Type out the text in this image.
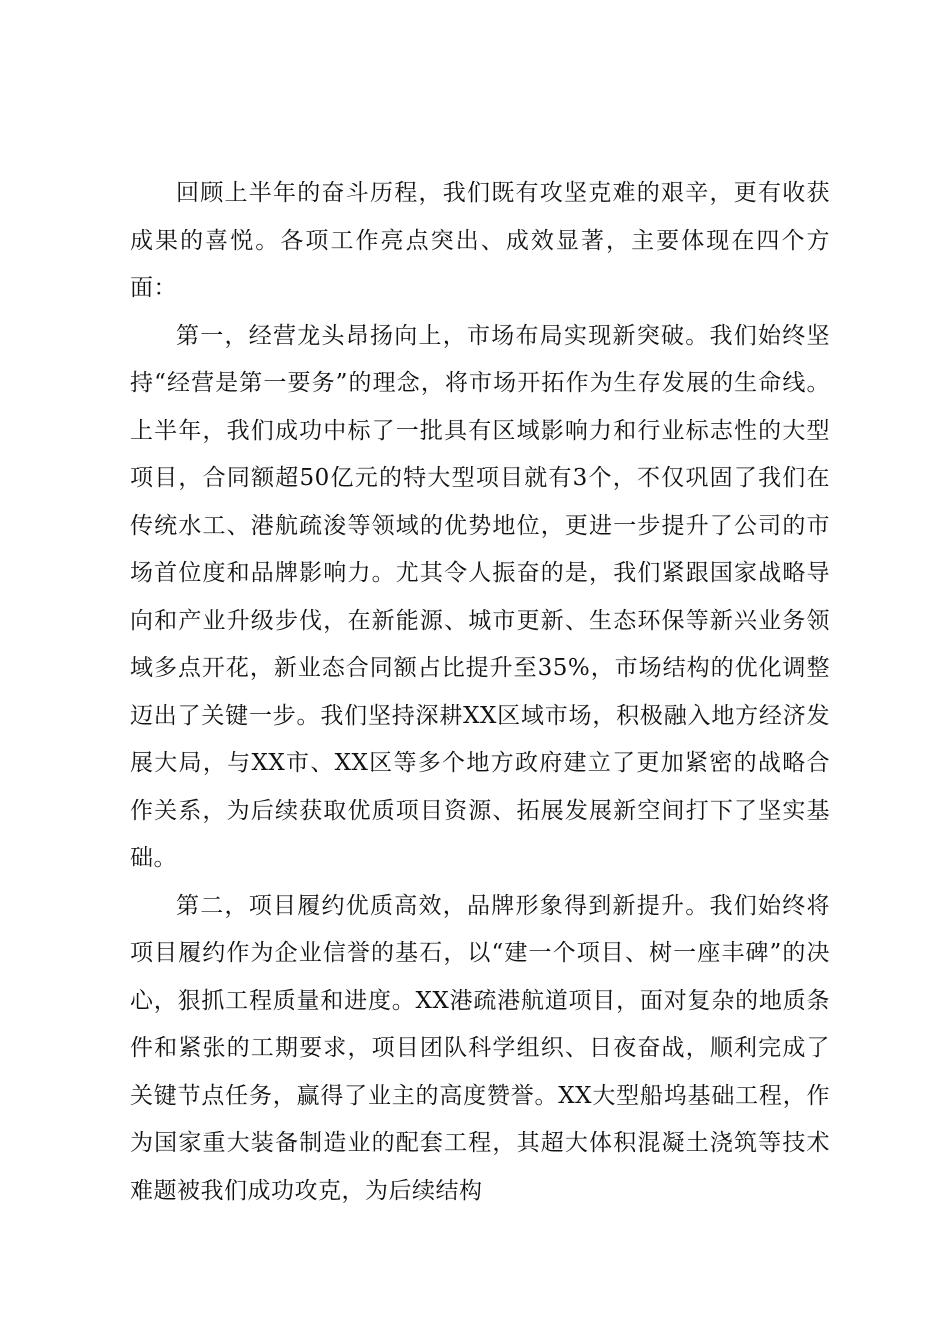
回顾上半年的奋斗历程，我们既有攻坚克难的艰辛，更有收获成果的喜悦。各项工作亮点突出、成效显著，主要体现在四个方面：

第一，经营龙头昂扬向上，市场布局实现新突破。我们始终坚持“经营是第一要务”的理念，将市场开拓作为生存发展的生命线。上半年，我们成功中标了一批具有区域影响力和行业标志性的大型项目，合同额超50亿元的特大型项目就有3个，不仅巩固了我们在传统水工、港航疏浚等领域的优势地位，更进一步提升了公司的市场首位度和品牌影响力。尤其令人振奋的是，我们紧跟国家战略导向和产业升级步伐，在新能源、城市更新、生态环保等新兴业务领域多点开花，新业态合同额占比提升至35%，市场结构的优化调整迈出了关键一步。我们坚持深耕XX区域市场，积极融入地方经济发展大局，与XX市、XX区等多个地方政府建立了更加紧密的战略合作关系，为后续获取优质项目资源、拓展发展新空间打下了坚实基础。

第二，项目履约优质高效，品牌形象得到新提升。我们始终将项目履约作为企业信誉的基石，以“建一个项目、树一座丰碑”的决心，狠抓工程质量和进度。XX港疏港航道项目，面对复杂的地质条件和紧张的工期要求，项目团队科学组织、日夜奋战，顺利完成了关键节点任务，赢得了业主的高度赞誉。XX大型船坞基础工程，作为国家重大装备制造业的配套工程，其超大体积混凝土浇筑等技术难题被我们成功攻克，为后续结构
